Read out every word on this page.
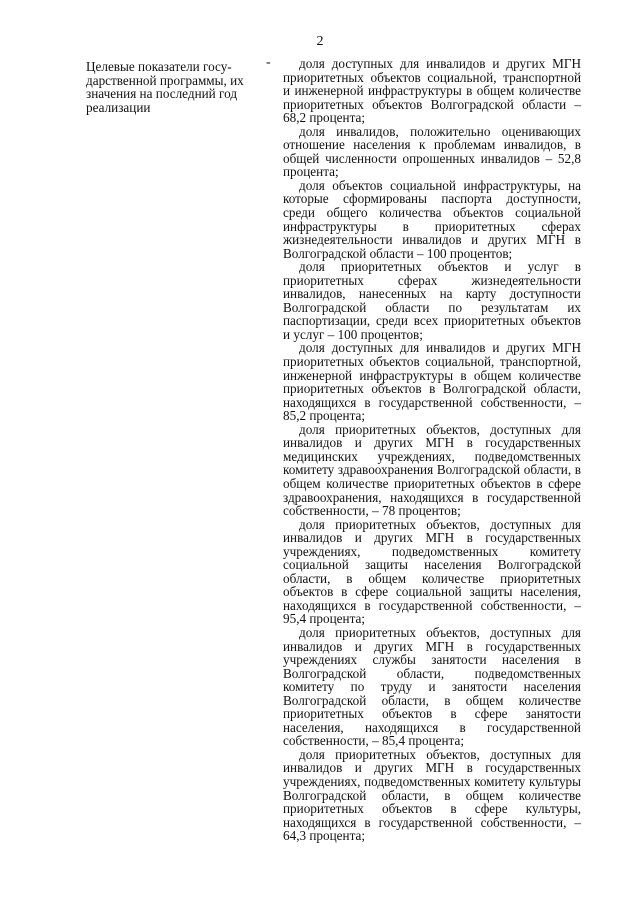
2
Целевые показатели госу- дарственной программы, их значения на последний год реализации
-	доля доступных для инвалидов и других МГН приоритетных объектов социальной, транспортной и инженерной инфраструктуры в общем количестве приоритетных объектов Волгоградской области – 68,2 процента;

доля инвалидов, положительно оценивающих отношение населения к проблемам инвалидов, в общей численности опрошенных инвалидов – 52,8 процента;

доля объектов социальной инфраструктуры, на которые сформированы паспорта доступности, среди общего количества объектов социальной инфраструктуры в приоритетных сферах жизнедеятельности инвалидов и других МГН в Волгоградской области – 100 процентов;

доля приоритетных объектов и услуг в приоритетных сферах жизнедеятельности инвалидов, нанесенных на карту доступности Волгоградской области по результатам их паспортизации, среди всех приоритетных объектов и услуг – 100 процентов;

доля доступных для инвалидов и других МГН приоритетных объектов социальной, транспортной, инженерной инфраструктуры в общем количестве приоритетных объектов в Волгоградской области, находящихся в государственной собственности, – 85,2 процента;

доля приоритетных объектов, доступных для инвалидов и других МГН в государственных медицинских учреждениях, подведомственных комитету здравоохранения Волгоградской области, в общем количестве приоритетных объектов в сфере здравоохранения, находящихся в государственной собственности, – 78 процентов;

доля приоритетных объектов, доступных для инвалидов и других МГН в государственных учреждениях, подведомственных комитету социальной защиты населения Волгоградской области, в общем количестве приоритетных объектов в сфере социальной защиты населения, находящихся в государственной собственности, – 95,4 процента;

доля приоритетных объектов, доступных для инвалидов и других МГН в государственных учреждениях службы занятости населения в Волгоградской области, подведомственных комитету по труду и занятости населения Волгоградской области, в общем количестве приоритетных объектов в сфере занятости населения, находящихся в государственной собственности, – 85,4 процента;

доля приоритетных объектов, доступных для инвалидов и других МГН в государственных учреждениях, подведомственных комитету культуры Волгоградской области, в общем количестве приоритетных объектов в сфере культуры, находящихся в государственной собственности, – 64,3 процента;
